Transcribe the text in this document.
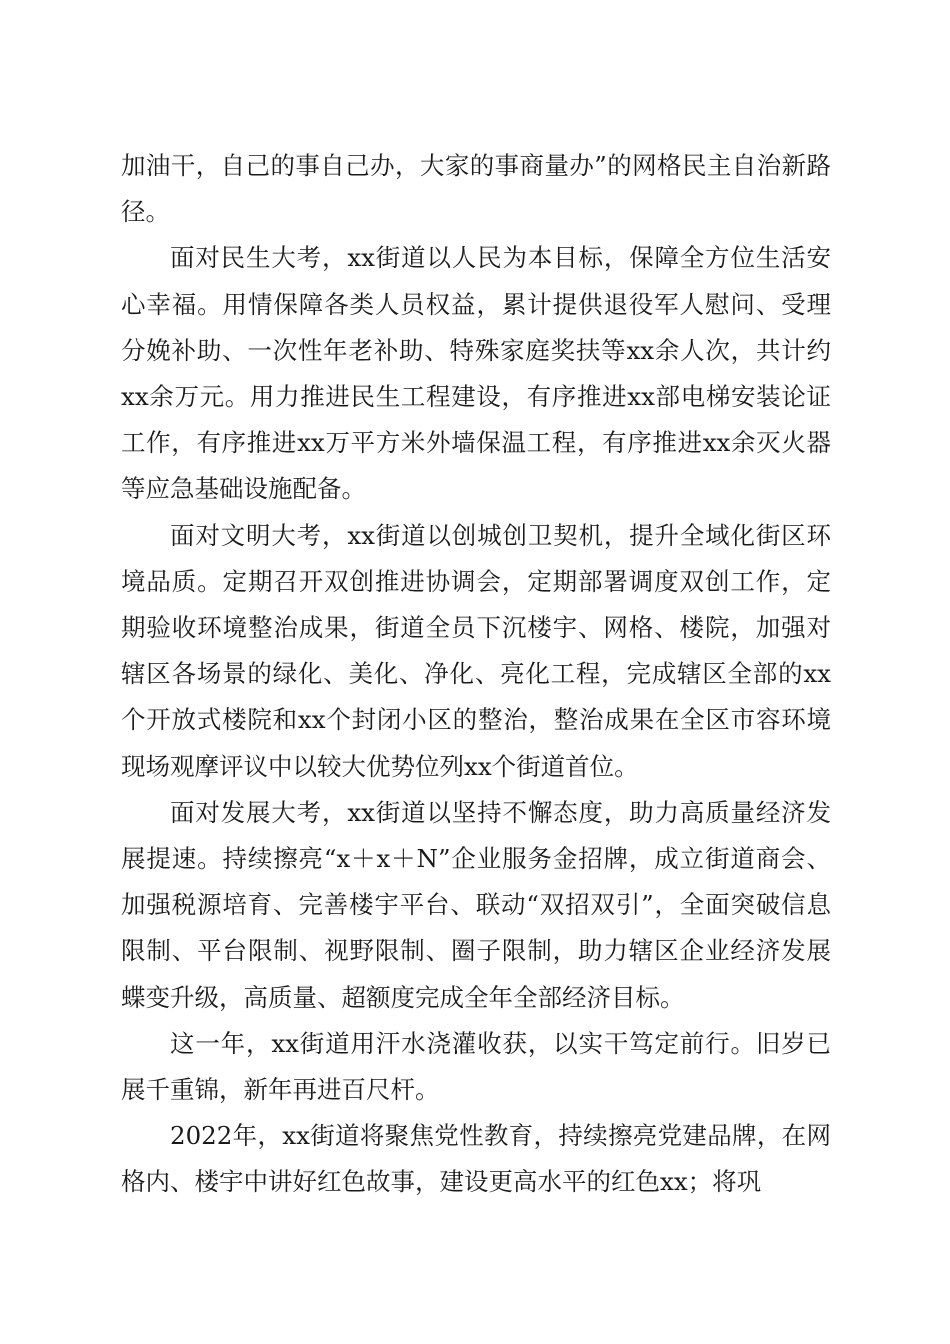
加油干，自己的事自己办，大家的事商量办”的网格民主自治新路径。

面对民生大考，xx街道以人民为本目标，保障全方位生活安心幸福。用情保障各类人员权益，累计提供退役军人慰问、受理分娩补助、一次性年老补助、特殊家庭奖扶等xx余人次，共计约xx余万元。用力推进民生工程建设，有序推进xx部电梯安装论证工作，有序推进xx万平方米外墙保温工程，有序推进xx余灭火器等应急基础设施配备。

面对文明大考，xx街道以创城创卫契机，提升全域化街区环境品质。定期召开双创推进协调会，定期部署调度双创工作，定期验收环境整治成果，街道全员下沉楼宇、网格、楼院，加强对辖区各场景的绿化、美化、净化、亮化工程，完成辖区全部的xx个开放式楼院和xx个封闭小区的整治，整治成果在全区市容环境现场观摩评议中以较大优势位列xx个街道首位。

面对发展大考，xx街道以坚持不懈态度，助力高质量经济发展提速。持续擦亮“x＋x＋N”企业服务金招牌，成立街道商会、加强税源培育、完善楼宇平台、联动“双招双引”，全面突破信息限制、平台限制、视野限制、圈子限制，助力辖区企业经济发展蝶变升级，高质量、超额度完成全年全部经济目标。

这一年，xx街道用汗水浇灌收获，以实干笃定前行。旧岁已展千重锦，新年再进百尺杆。

2022年，xx街道将聚焦党性教育，持续擦亮党建品牌，在网格内、楼宇中讲好红色故事，建设更高水平的红色xx；将巩
